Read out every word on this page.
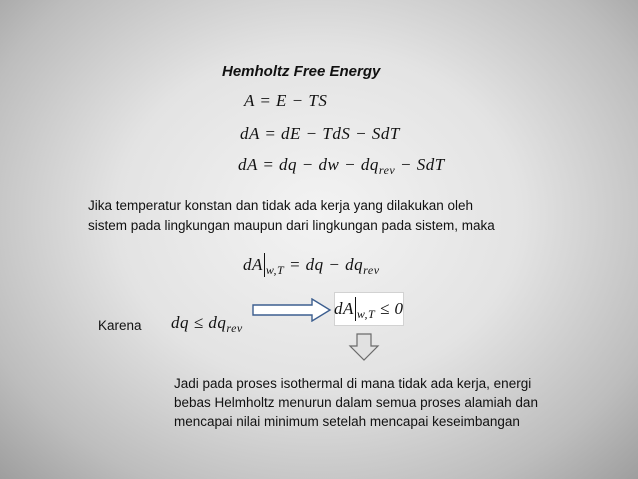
Hemholtz Free Energy
A = E − TS
dA = dE − TdS − SdT
dA = dq − dw − $dq_{rev}$ − SdT
Jika temperatur konstan dan tidak ada kerja yang dilakukan oleh
sistem pada lingkungan maupun dari lingkungan pada sistem, maka
dA $_{w,T}$ = dq − $dq_{rev}$
Karena dq ≤ $dq_{rev}$
dA $_{w,T}$ ≤ 0
Jadi pada proses isothermal di mana tidak ada kerja, energi
bebas Helmholtz menurun dalam semua proses alamiah dan
mencapai nilai minimum setelah mencapai keseimbangan
